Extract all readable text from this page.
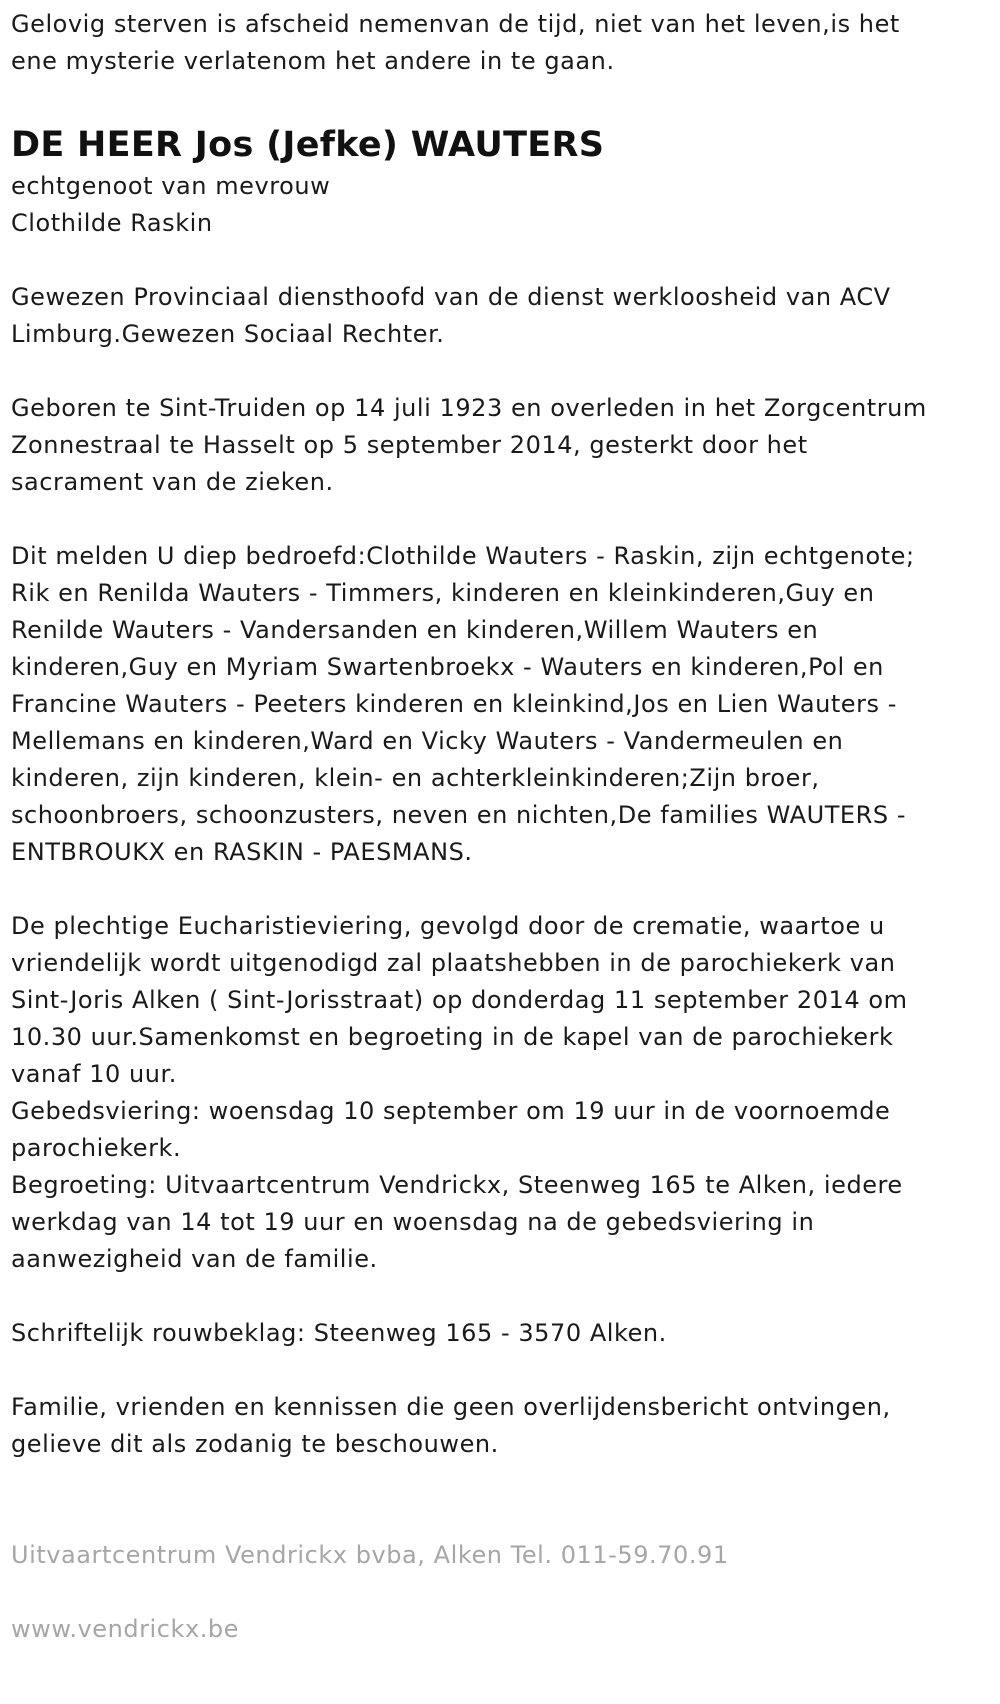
Gelovig sterven is afscheid nemenvan de tijd, niet van het leven,is het
ene mysterie verlatenom het andere in te gaan.

DE HEER Jos (Jefke) WAUTERS

echtgenoot van mevrouw
Clothilde Raskin

Gewezen Provinciaal diensthoofd van de dienst werkloosheid van ACV
Limburg.Gewezen Sociaal Rechter.

Geboren te Sint-Truiden op 14 juli 1923 en overleden in het Zorgcentrum
Zonnestraal te Hasselt op 5 september 2014, gesterkt door het
sacrament van de zieken.

Dit melden U diep bedroefd:Clothilde Wauters - Raskin, zijn echtgenote;
Rik en Renilda Wauters - Timmers, kinderen en kleinkinderen,Guy en
Renilde Wauters - Vandersanden en kinderen,Willem Wauters en
kinderen,Guy en Myriam Swartenbroekx - Wauters en kinderen,Pol en
Francine Wauters - Peeters kinderen en kleinkind,Jos en Lien Wauters -
Mellemans en kinderen,Ward en Vicky Wauters - Vandermeulen en
kinderen, zijn kinderen, klein- en achterkleinkinderen;Zijn broer,
schoonbroers, schoonzusters, neven en nichten,De families WAUTERS -
ENTBROUKX en RASKIN - PAESMANS.

De plechtige Eucharistieviering, gevolgd door de crematie, waartoe u
vriendelijk wordt uitgenodigd zal plaatshebben in de parochiekerk van
Sint-Joris Alken ( Sint-Jorisstraat) op donderdag 11 september 2014 om
10.30 uur.Samenkomst en begroeting in de kapel van de parochiekerk
vanaf 10 uur.
Gebedsviering: woensdag 10 september om 19 uur in de voornoemde
parochiekerk.
Begroeting: Uitvaartcentrum Vendrickx, Steenweg 165 te Alken, iedere
werkdag van 14 tot 19 uur en woensdag na de gebedsviering in
aanwezigheid van de familie.

Schriftelijk rouwbeklag: Steenweg 165 - 3570 Alken.

Familie, vrienden en kennissen die geen overlijdensbericht ontvingen,
gelieve dit als zodanig te beschouwen.

Uitvaartcentrum Vendrickx bvba, Alken Tel. 011-59.70.91

www.vendrickx.be
